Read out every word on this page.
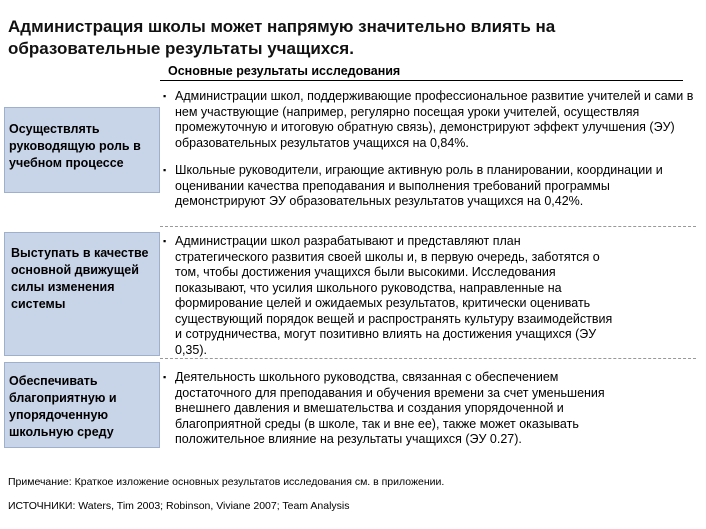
Администрация школы может напрямую значительно влиять на образовательные результаты учащихся.
Основные результаты исследования
Осуществлять руководящую роль в учебном процессе
Выступать в качестве основной движущей силы изменения системы
Обеспечивать благоприятную и упорядоченную школьную среду
▪ Администрации школ, поддерживающие профессиональное развитие учителей и сами в нем участвующие (например, регулярно посещая уроки учителей, осуществляя промежуточную и итоговую обратную связь), демонстрируют эффект улучшения (ЭУ) образовательных результатов учащихся на 0,84%.
▪ Школьные руководители, играющие активную роль в планировании, координации и оценивании качества преподавания и выполнения требований программы демонстрируют ЭУ образовательных результатов учащихся на 0,42%.
▪ Администрации школ разрабатывают и представляют план стратегического развития своей школы и, в первую очередь, заботятся о том, чтобы достижения учащихся были высокими. Исследования показывают, что усилия школьного руководства, направленные на формирование целей и ожидаемых результатов, критически оценивать существующий порядок вещей и распространять культуру взаимодействия и сотрудничества, могут позитивно влиять на достижения учащихся (ЭУ 0,35).
▪ Деятельность школьного руководства, связанная с обеспечением достаточного для преподавания и обучения времени за счет уменьшения внешнего давления и вмешательства и создания упорядоченной и благоприятной среды (в школе, так и вне ее), также может оказывать положительное влияние на результаты учащихся (ЭУ 0.27).
Примечание: Краткое изложение основных результатов исследования см. в приложении.
ИСТОЧНИКИ: Waters, Tim 2003; Robinson, Viviane 2007; Team Analysis
